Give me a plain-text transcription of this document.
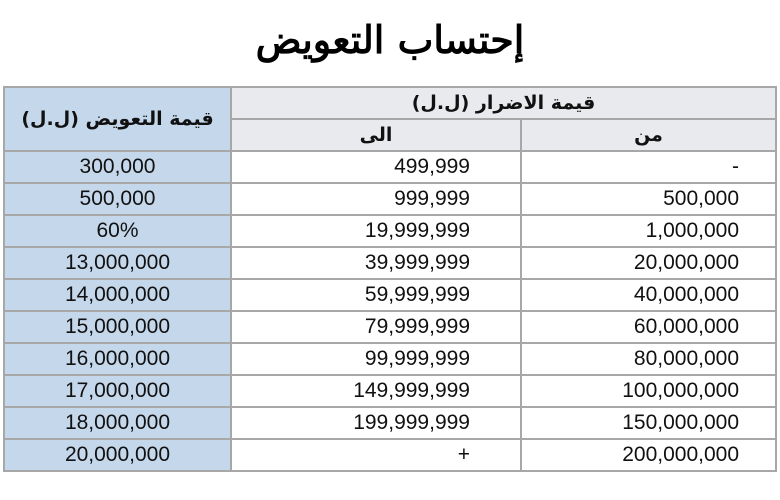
إحتساب التعويض
قيمة التعويض (ل.ل)	قيمة الاضرار (ل.ل)	
	الى	من
300,000	499,999	-
500,000	999,999	500,000
60%	19,999,999	1,000,000
13,000,000	39,999,999	20,000,000
14,000,000	59,999,999	40,000,000
15,000,000	79,999,999	60,000,000
16,000,000	99,999,999	80,000,000
17,000,000	149,999,999	100,000,000
18,000,000	199,999,999	150,000,000
20,000,000	+	200,000,000
